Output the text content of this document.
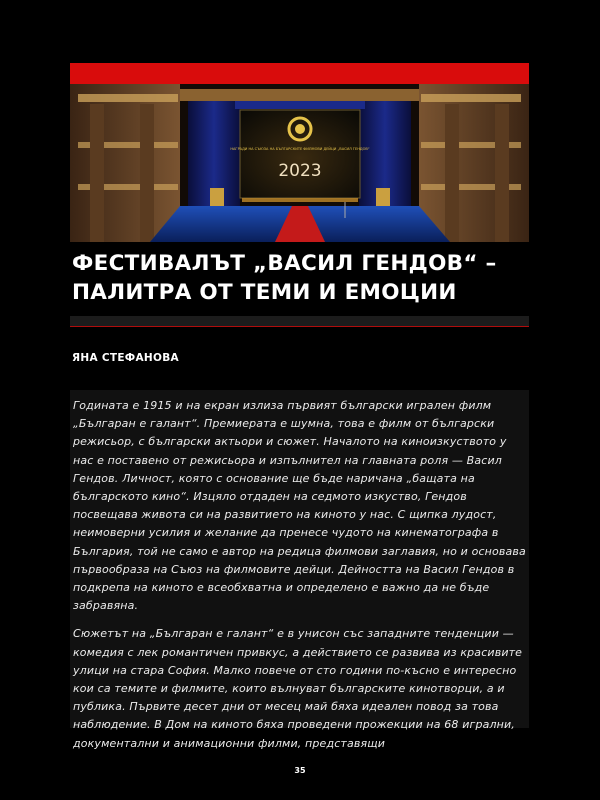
НАГРАДИ НА СЪЮЗА НА БЪЛГАРСКИТЕ ФИЛМОВИ ДЕЙЦИ „ВАСИЛ ГЕНДОВ“
2023
ФЕСТИВАЛЪТ „ВАСИЛ ГЕНДОВ“ –
ПАЛИТРА ОТ ТЕМИ И ЕМОЦИИ
ЯНА СТЕФАНОВА

Годината е 1915 и на екран излиза първият български игрален филм „Българан е галант“. Премиерата е шумна, това е филм от български режисьор, с български актьори и сюжет. Началото на киноизкуството у нас е поставено от режисьора и изпълнител на главната роля — Васил Гендов. Личност, която с основание ще бъде наричана „бащата на българското кино“. Изцяло отдаден на седмото изкуство, Гендов посвещава живота си на развитието на киното у нас. С щипка лудост, неимоверни усилия и желание да пренесе чудото на кинематографа в България, той не само е автор на редица филмови заглавия, но и основава първообраза на Съюз на филмовите дейци. Дейността на Васил Гендов в подкрепа на киното е всеобхватна и определено е важно да не бъде забравяна.

Сюжетът на „Българан е галант“ е в унисон със западните тенденции — комедия с лек романтичен привкус, а действието се развива из красивите улици на стара София. Малко повече от сто години по-късно е интересно кои са темите и филмите, които вълнуват българските кинотворци, а и публика. Първите десет дни от месец май бяха идеален повод за това наблюдение. В Дом на киното бяха проведени прожекции на 68 игрални, документални и анимационни филми, представящи

35
